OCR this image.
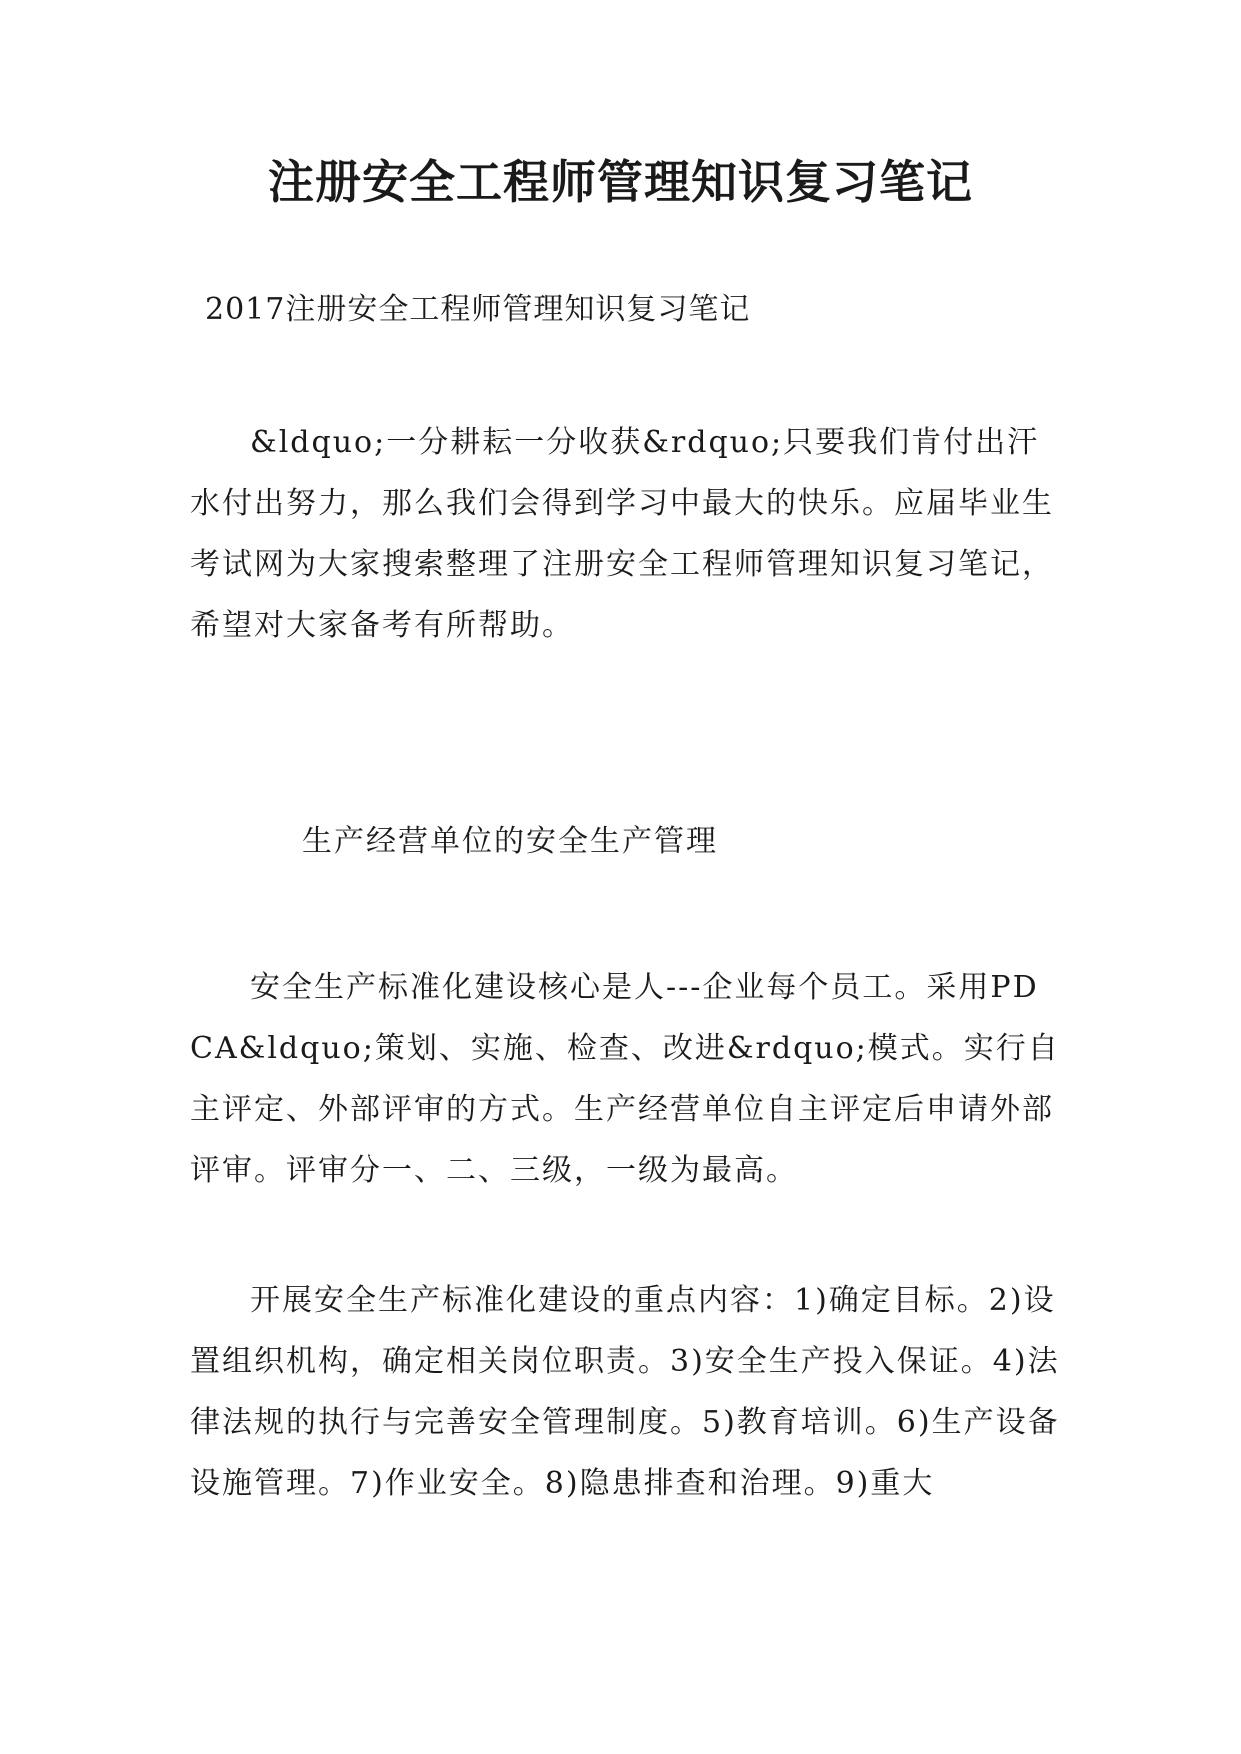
注册安全工程师管理知识复习笔记

2017注册安全工程师管理知识复习笔记

&ldquo;一分耕耘一分收获&rdquo;只要我们肯付出汗水付出努力，那么我们会得到学习中最大的快乐。应届毕业生考试网为大家搜索整理了注册安全工程师管理知识复习笔记，希望对大家备考有所帮助。

生产经营单位的安全生产管理

安全生产标准化建设核心是人---企业每个员工。采用PDCA&ldquo;策划、实施、检查、改进&rdquo;模式。实行自主评定、外部评审的方式。生产经营单位自主评定后申请外部评审。评审分一、二、三级，一级为最高。

开展安全生产标准化建设的重点内容：1)确定目标。2)设置组织机构，确定相关岗位职责。3)安全生产投入保证。4)法律法规的执行与完善安全管理制度。5)教育培训。6)生产设备设施管理。7)作业安全。8)隐患排查和治理。9)重大
